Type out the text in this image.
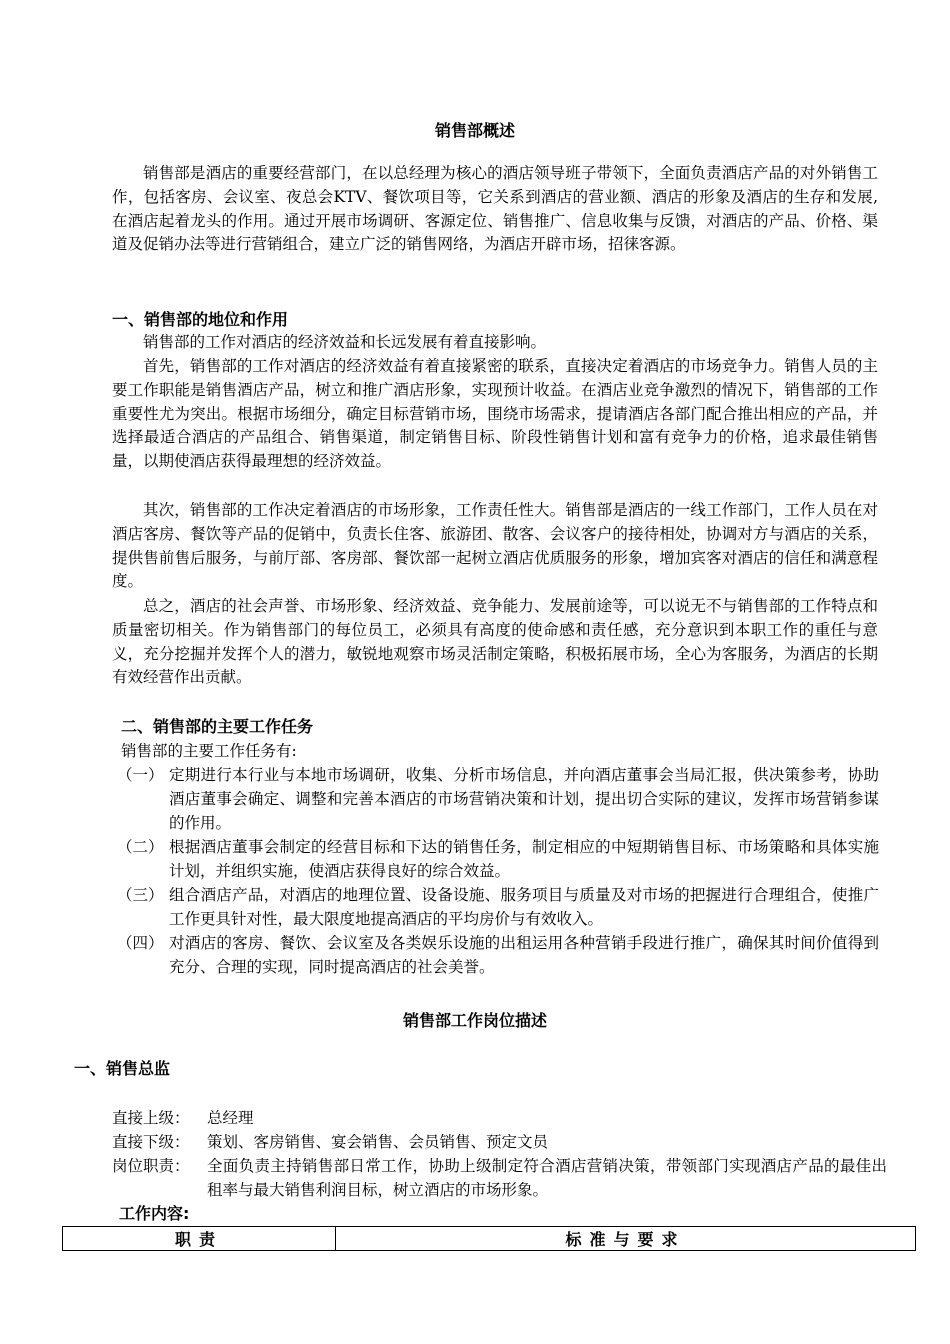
销售部概述
销售部是酒店的重要经营部门，在以总经理为核心的酒店领导班子带领下，全面负责酒店产品的对外销售工作，包括客房、会议室、夜总会KTV、餐饮项目等，它关系到酒店的营业额、酒店的形象及酒店的生存和发展,在酒店起着龙头的作用。通过开展市场调研、客源定位、销售推广、信息收集与反馈，对酒店的产品、价格、渠道及促销办法等进行营销组合，建立广泛的销售网络，为酒店开辟市场，招徕客源。
一、销售部的地位和作用
销售部的工作对酒店的经济效益和长远发展有着直接影响。
首先，销售部的工作对酒店的经济效益有着直接紧密的联系，直接决定着酒店的市场竞争力。销售人员的主要工作职能是销售酒店产品，树立和推广酒店形象，实现预计收益。在酒店业竞争激烈的情况下，销售部的工作重要性尤为突出。根据市场细分，确定目标营销市场，围绕市场需求，提请酒店各部门配合推出相应的产品，并选择最适合酒店的产品组合、销售渠道，制定销售目标、阶段性销售计划和富有竞争力的价格，追求最佳销售量，以期使酒店获得最理想的经济效益。
其次，销售部的工作决定着酒店的市场形象，工作责任性大。销售部是酒店的一线工作部门，工作人员在对酒店客房、餐饮等产品的促销中，负责长住客、旅游团、散客、会议客户的接待相处，协调对方与酒店的关系，提供售前售后服务，与前厅部、客房部、餐饮部一起树立酒店优质服务的形象，增加宾客对酒店的信任和满意程度。
总之，酒店的社会声誉、市场形象、经济效益、竞争能力、发展前途等，可以说无不与销售部的工作特点和质量密切相关。作为销售部门的每位员工，必须具有高度的使命感和责任感，充分意识到本职工作的重任与意义，充分挖掘并发挥个人的潜力，敏锐地观察市场灵活制定策略，积极拓展市场，全心为客服务，为酒店的长期有效经营作出贡献。
二、销售部的主要工作任务
销售部的主要工作任务有:
（一） 定期进行本行业与本地市场调研，收集、分析市场信息，并向酒店董事会当局汇报，供决策参考，协助酒店董事会确定、调整和完善本酒店的市场营销决策和计划，提出切合实际的建议，发挥市场营销参谋的作用。
（二） 根据酒店董事会制定的经营目标和下达的销售任务，制定相应的中短期销售目标、市场策略和具体实施计划，并组织实施，使酒店获得良好的综合效益。
（三） 组合酒店产品，对酒店的地理位置、设备设施、服务项目与质量及对市场的把握进行合理组合，使推广工作更具针对性，最大限度地提高酒店的平均房价与有效收入。
（四） 对酒店的客房、餐饮、会议室及各类娱乐设施的出租运用各种营销手段进行推广，确保其时间价值得到充分、合理的实现，同时提高酒店的社会美誉。
销售部工作岗位描述
一、销售总监
直接上级： 总经理
直接下级： 策划、客房销售、宴会销售、会员销售、预定文员
岗位职责： 全面负责主持销售部日常工作，协助上级制定符合酒店营销决策，带领部门实现酒店产品的最佳出租率与最大销售利润目标，树立酒店的市场形象。
工作内容:
职责	标准与要求
